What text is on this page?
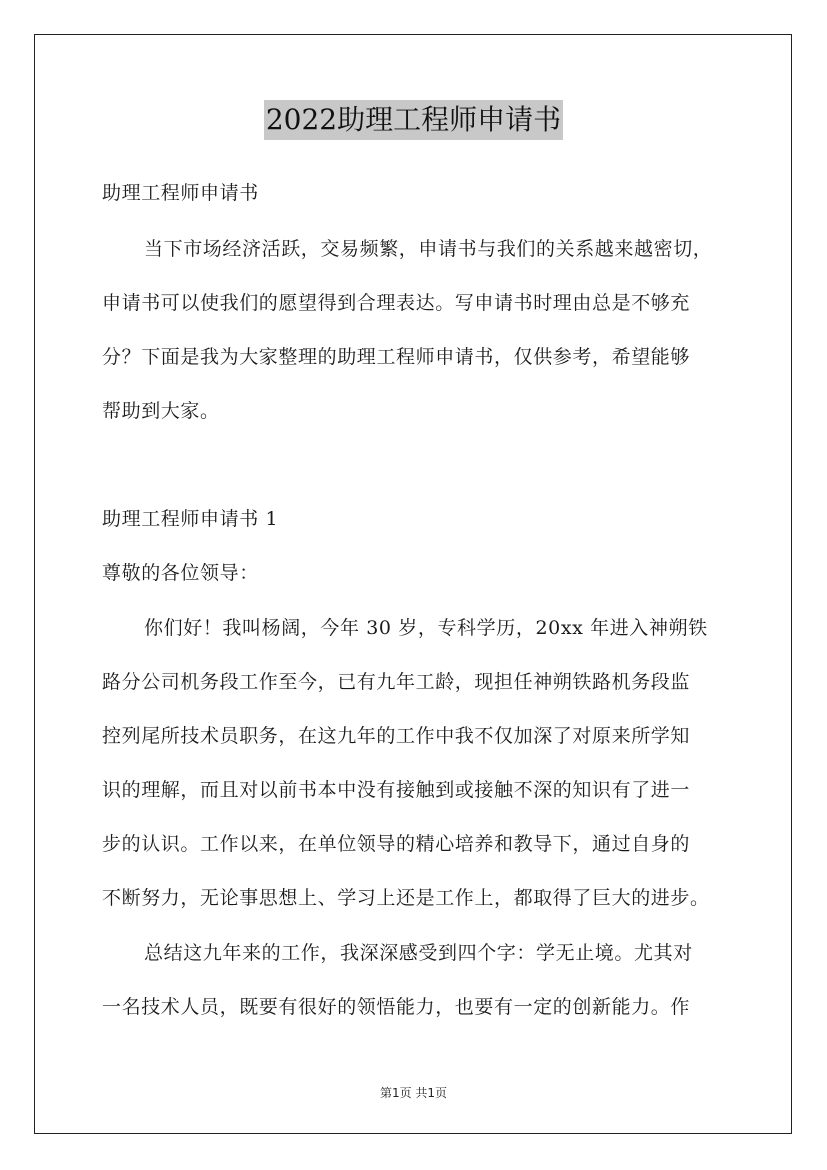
2022助理工程师申请书
助理工程师申请书
当下市场经济活跃，交易频繁，申请书与我们的关系越来越密切，
申请书可以使我们的愿望得到合理表达。写申请书时理由总是不够充
分？下面是我为大家整理的助理工程师申请书，仅供参考，希望能够
帮助到大家。
助理工程师申请书 1
尊敬的各位领导：
你们好！我叫杨阔，今年 30 岁，专科学历，20xx 年进入神朔铁
路分公司机务段工作至今，已有九年工龄，现担任神朔铁路机务段监
控列尾所技术员职务，在这九年的工作中我不仅加深了对原来所学知
识的理解，而且对以前书本中没有接触到或接触不深的知识有了进一
步的认识。工作以来，在单位领导的精心培养和教导下，通过自身的
不断努力，无论事思想上、学习上还是工作上，都取得了巨大的进步。
总结这九年来的工作，我深深感受到四个字：学无止境。尤其对
一名技术人员，既要有很好的领悟能力，也要有一定的创新能力。作
第1页 共1页
